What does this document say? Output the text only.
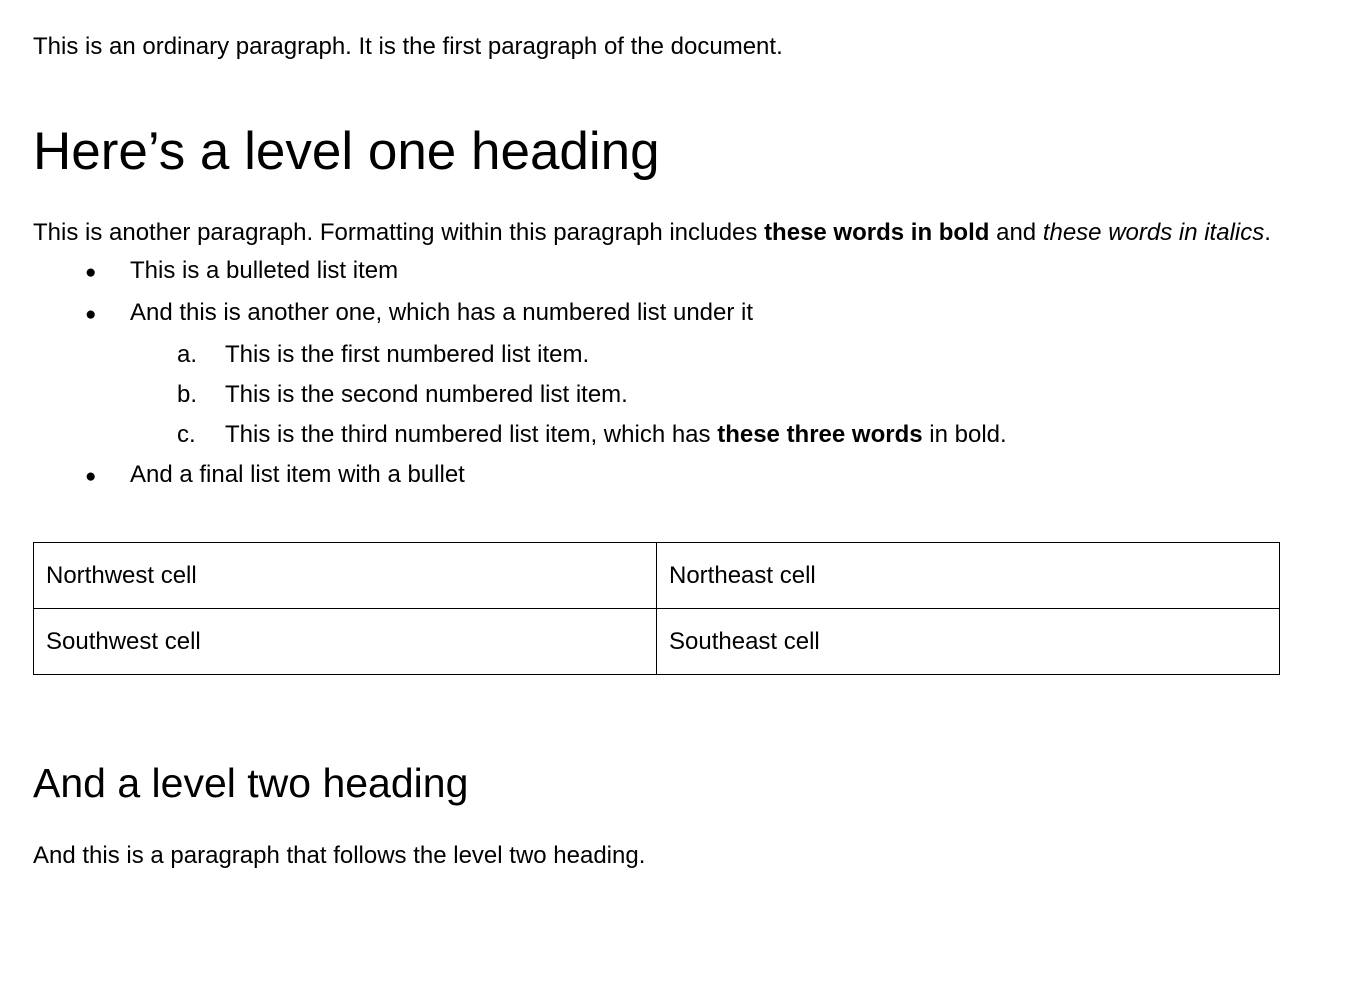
This is an ordinary paragraph. It is the first paragraph of the document.

Here’s a level one heading

This is another paragraph. Formatting within this paragraph includes these words in bold and these words in italics.

●	This is a bulleted list item
●	And this is another one, which has a numbered list under it
a.	This is the first numbered list item.
b.	This is the second numbered list item.
c.	This is the third numbered list item, which has these three words in bold.
●	And a final list item with a bullet
Northwest cell	Northeast cell
Southwest cell	Southeast cell
And a level two heading

And this is a paragraph that follows the level two heading.
